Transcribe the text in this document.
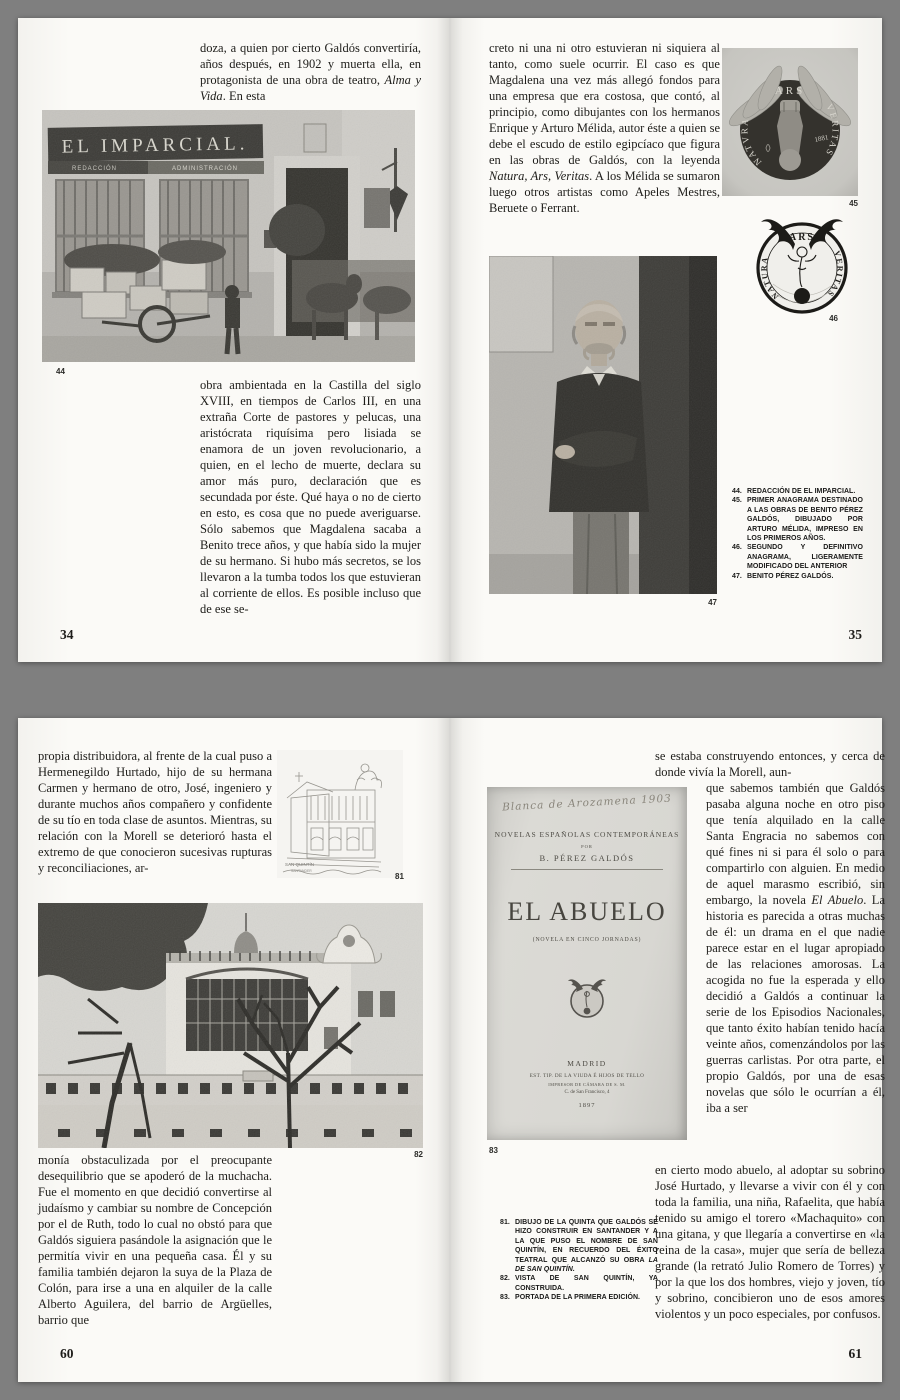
doza, a quien por cierto Galdós convertiría, años después, en 1902 y muerta ella, en protagonista de una obra de teatro, Alma y Vida. En esta
EL IMPARCIAL.
REDACCIÓN	ADMINISTRACIÓN
44
obra ambientada en la Castilla del siglo XVIII, en tiempos de Carlos III, en una extraña Corte de pastores y pelucas, una aristócrata riquísima pero lisiada se enamora de un joven revolucionario, a quien, en el lecho de muerte, declara su amor más puro, declaración que es secundada por éste. Qué haya o no de cierto en esto, es cosa que no puede averiguarse. Sólo sabemos que Magdalena sacaba a Benito trece años, y que había sido la mujer de su hermano. Si hubo más secretos, se los llevaron a la tumba todos los que estuvieran al corriente de ellos. Es posible incluso que de ese se-
34
creto ni una ni otro estuvieran ni siquiera al tanto, como suele ocurrir. El caso es que Magdalena una vez más allegó fondos para una empresa que era costosa, que contó, al principio, como dibujantes con los hermanos Enrique y Arturo Mélida, autor éste a quien se debe el escudo de estilo egipcíaco que figura en las obras de Galdós, con la leyenda Natura, Ars, Veritas. A los Mélida se sumaron luego otros artistas como Apeles Mestres, Beruete o Ferrant.
47
ARS
NATVRA
VERITAS
1881
45
ARS
NATURA
VERITAS
46
44. REDACCIÓN DE EL IMPARCIAL.
45. PRIMER ANAGRAMA DESTINADO A LAS OBRAS DE BENITO PÉREZ GALDÓS, DIBUJADO POR ARTURO MÉLIDA, IMPRESO EN LOS PRIMEROS AÑOS.
46. SEGUNDO Y DEFINITIVO ANAGRAMA, LIGERAMENTE MODIFICADO DEL ANTERIOR
47. BENITO PÉREZ GALDÓS.
35
propia distribuidora, al frente de la cual puso a Hermenegildo Hurtado, hijo de su hermana Carmen y hermano de otro, José, ingeniero y durante muchos años compañero y confidente de su tío en toda clase de asuntos. Mientras, su relación con la Morell se deterioró hasta el extremo de que conocieron sucesivas rupturas y reconciliaciones, ar-	SAN QUINTÍN
SANTANDER
81
82
monía obstaculizada por el preocupante desequilibrio que se apoderó de la muchacha. Fue el momento en que decidió convertirse al judaísmo y cambiar su nombre de Concepción por el de Ruth, todo lo cual no obstó para que Galdós siguiera pasándole la asignación que le permitía vivir en una pequeña casa. Él y su familia también dejaron la suya de la Plaza de Colón, para irse a una en alquiler de la calle Alberto Aguilera, del barrio de Argüelles, barrio que
60
Blanca de Arozamena 1903
NOVELAS ESPAÑOLAS CONTEMPORÁNEAS
POR
B. PÉREZ GALDÓS
EL ABUELO
(NOVELA EN CINCO JORNADAS)
MADRID
EST. TIP. DE LA VIUDA É HIJOS DE TELLO
IMPRESOR DE CÁMARA DE S. M.
C. de San Francisco, 4
1897
83
81. DIBUJO DE LA QUINTA QUE GALDÓS SE HIZO CONSTRUIR EN SANTANDER Y A LA QUE PUSO EL NOMBRE DE SAN QUINTÍN, EN RECUERDO DEL ÉXITO TEATRAL QUE ALCANZÓ SU OBRA LA DE SAN QUINTÍN.
82. VISTA DE SAN QUINTÍN, YA CONSTRUIDA.
83. PORTADA DE LA PRIMERA EDICIÓN.
se estaba construyendo entonces, y cerca de donde vivía la Morell, aun-
que sabemos también que Galdós pasaba alguna noche en otro piso que tenía alquilado en la calle Santa Engracia no sabemos con qué fines ni si para él solo o para compartirlo con alguien. En medio de aquel marasmo escribió, sin embargo, la novela El Abuelo. La historia es parecida a otras muchas de él: un drama en el que nadie parece estar en el lugar apropiado de las relaciones amorosas. La acogida no fue la esperada y ello decidió a Galdós a continuar la serie de los Episodios Nacionales, que tanto éxito habían tenido hacía veinte años, comenzándolos por las guerras carlistas. Por otra parte, el propio Galdós, por una de esas novelas que sólo le ocurrían a él, iba a ser
en cierto modo abuelo, al adoptar su sobrino José Hurtado, y llevarse a vivir con él y con toda la familia, una niña, Rafaelita, que había tenido su amigo el torero «Machaquito» con una gitana, y que llegaría a convertirse en «la reina de la casa», mujer que sería de belleza grande (la retrató Julio Romero de Torres) y por la que los dos hombres, viejo y joven, tío y sobrino, concibieron uno de esos amores violentos y un poco especiales, por confusos.
61
